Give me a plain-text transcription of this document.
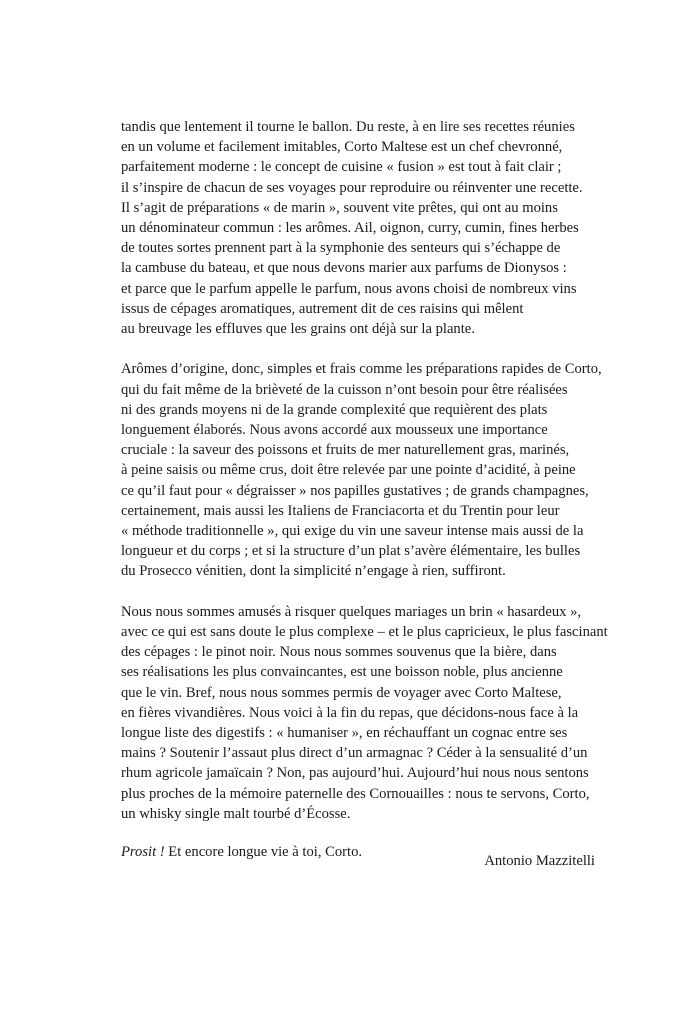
tandis que lentement il tourne le ballon. Du reste, à en lire ses recettes réunies
en un volume et facilement imitables, Corto Maltese est un chef chevronné,
parfaitement moderne : le concept de cuisine « fusion » est tout à fait clair ;
il s’inspire de chacun de ses voyages pour reproduire ou réinventer une recette.
Il s’agit de préparations « de marin », souvent vite prêtes, qui ont au moins
un dénominateur commun : les arômes. Ail, oignon, curry, cumin, fines herbes
de toutes sortes prennent part à la symphonie des senteurs qui s’échappe de
la cambuse du bateau, et que nous devons marier aux parfums de Dionysos :
et parce que le parfum appelle le parfum, nous avons choisi de nombreux vins
issus de cépages aromatiques, autrement dit de ces raisins qui mêlent
au breuvage les effluves que les grains ont déjà sur la plante.

Arômes d’origine, donc, simples et frais comme les préparations rapides de Corto,
qui du fait même de la brièveté de la cuisson n’ont besoin pour être réalisées
ni des grands moyens ni de la grande complexité que requièrent des plats
longuement élaborés. Nous avons accordé aux mousseux une importance
cruciale : la saveur des poissons et fruits de mer naturellement gras, marinés,
à peine saisis ou même crus, doit être relevée par une pointe d’acidité, à peine
ce qu’il faut pour « dégraisser » nos papilles gustatives ; de grands champagnes,
certainement, mais aussi les Italiens de Franciacorta et du Trentin pour leur
« méthode traditionnelle », qui exige du vin une saveur intense mais aussi de la
longueur et du corps ; et si la structure d’un plat s’avère élémentaire, les bulles
du Prosecco vénitien, dont la simplicité n’engage à rien, suffiront.

Nous nous sommes amusés à risquer quelques mariages un brin « hasardeux »,
avec ce qui est sans doute le plus complexe – et le plus capricieux, le plus fascinant
des cépages : le pinot noir. Nous nous sommes souvenus que la bière, dans
ses réalisations les plus convaincantes, est une boisson noble, plus ancienne
que le vin. Bref, nous nous sommes permis de voyager avec Corto Maltese,
en fières vivandières. Nous voici à la fin du repas, que décidons-nous face à la
longue liste des digestifs : « humaniser », en réchauffant un cognac entre ses
mains ? Soutenir l’assaut plus direct d’un armagnac ? Céder à la sensualité d’un
rhum agricole jamaïcain ? Non, pas aujourd’hui. Aujourd’hui nous nous sentons
plus proches de la mémoire paternelle des Cornouailles : nous te servons, Corto,
un whisky single malt tourbé d’Écosse.

Prosit ! Et encore longue vie à toi, Corto.

Antonio Mazzitelli
